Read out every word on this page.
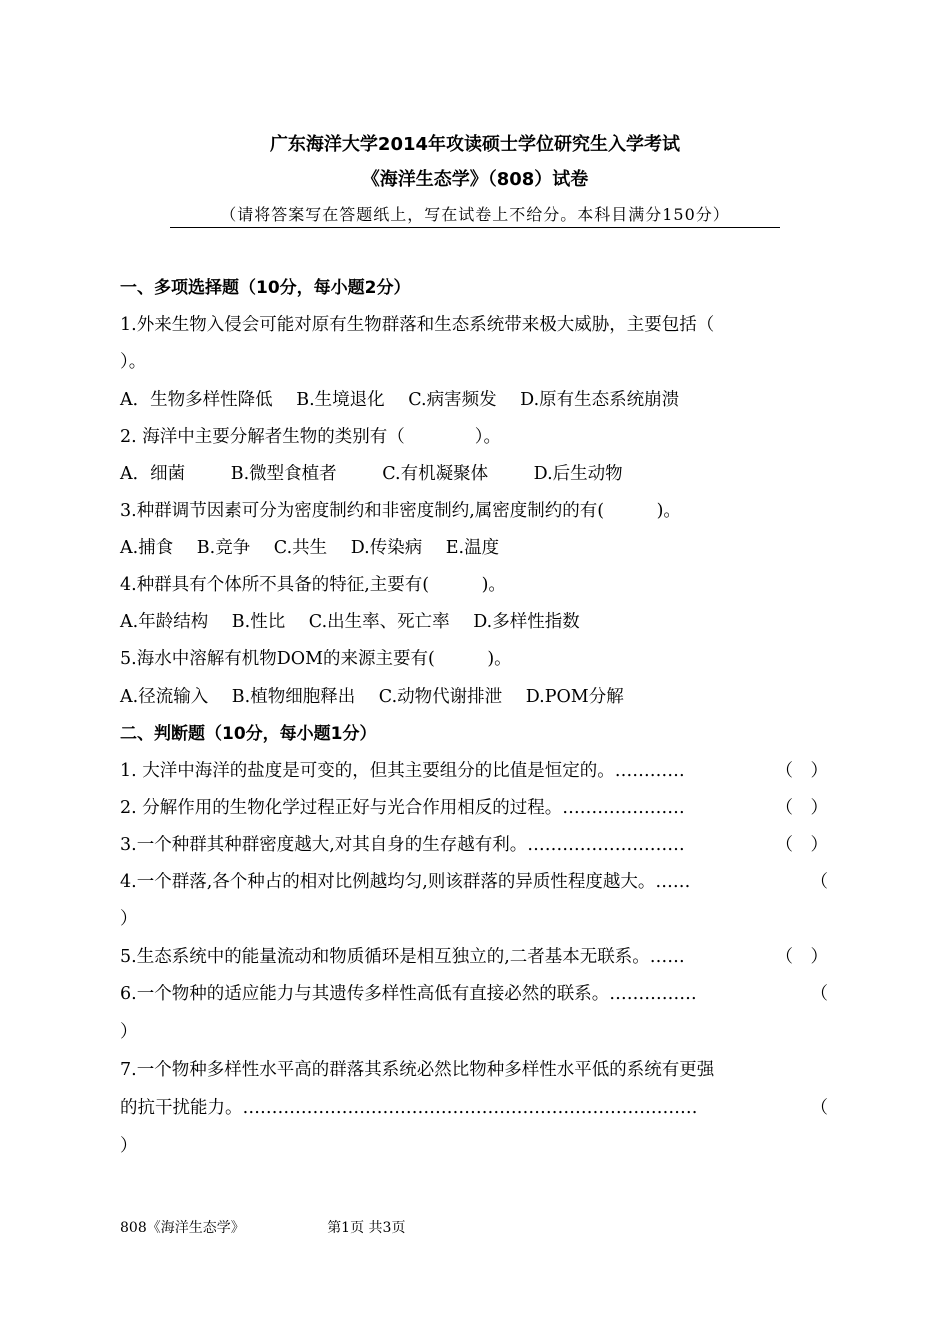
广东海洋大学2014年攻读硕士学位研究生入学考试
《海洋生态学》（808）试卷
（请将答案写在答题纸上，写在试卷上不给分。本科目满分150分）
一、多项选择题（10分，每小题2分）
1.外来生物入侵会可能对原有生物群落和生态系统带来极大威胁，主要包括（
）。
A．生物多样性降低 B.生境退化 C.病害频发 D.原有生态系统崩溃
2. 海洋中主要分解者生物的类别有（　　　　）。
A．细菌	B.微型食植者	C.有机凝聚体	D.后生动物
3.种群调节因素可分为密度制约和非密度制约,属密度制约的有(　　　)。
A.捕食 B.竞争 C.共生 D.传染病 E.温度
4.种群具有个体所不具备的特征,主要有(　　　)。
A.年龄结构 B.性比 C.出生率、死亡率 D.多样性指数
5.海水中溶解有机物DOM的来源主要有(　　　)。
A.径流输入 B.植物细胞释出 C.动物代谢排泄 D.POM分解
二、判断题（10分，每小题1分）
1. 大洋中海洋的盐度是可变的，但其主要组分的比值是恒定的。…………	（　）
2. 分解作用的生物化学过程正好与光合作用相反的过程。…………………	（　）
3.一个种群其种群密度越大,对其自身的生存越有利。………………………	（　）
4.一个群落,各个种占的相对比例越均匀,则该群落的异质性程度越大。……	（
）
5.生态系统中的能量流动和物质循环是相互独立的,二者基本无联系。……	（　）
6.一个物种的适应能力与其遗传多样性高低有直接必然的联系。……………	（
）
7.一个物种多样性水平高的群落其系统必然比物种多样性水平低的系统有更强
的抗干扰能力。……………………………………………………………………	（
）
808《海洋生态学》	第1页 共3页
